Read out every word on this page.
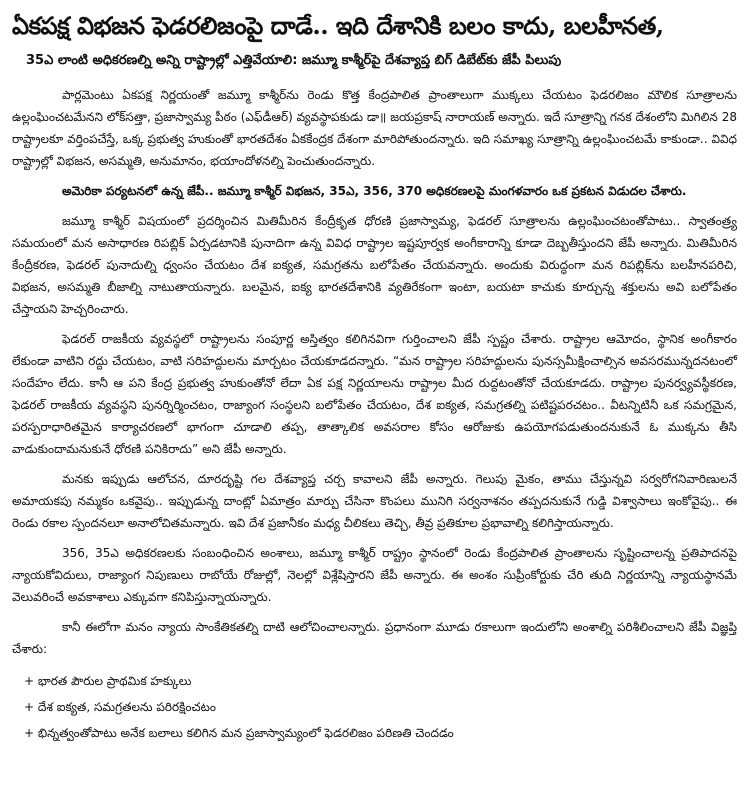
ఏకపక్ష విభజన ఫెడరలిజంపై దాడే.. ఇది దేశానికి బలం కాదు, బలహీనత,
35ఎ లాంటి అధికరణల్ని అన్ని రాష్ట్రాల్లో ఎత్తివేయాలి: జమ్మూ కాశ్మీర్‌పై దేశవ్యాప్త బిగ్ డిబేట్‌కు జేపీ పిలుపు

పార్లమెంటు ఏకపక్ష నిర్ణయంతో జమ్మూ కాశ్మీర్‌ను రెండు కొత్త కేంద్రపాలిత ప్రాంతాలుగా ముక్కలు చేయటం ఫెడరలిజం మౌలిక సూత్రాలను ఉల్లంఘించటమేనని లోక్‌సత్తా, ప్రజాస్వామ్య పీఠం (ఎఫ్‌డీఆర్) వ్యవస్థాపకుడు డా॥ జయప్రకాష్ నారాయణ్ అన్నారు. ఇదే సూత్రాన్ని గనక దేశంలోని మిగిలిన 28 రాష్ట్రాలకూ వర్తింపచేస్తే, ఒక్క ప్రభుత్వ హుకుంతో భారతదేశం ఏకకేంద్రక దేశంగా మారిపోతుందన్నారు. ఇది సమాఖ్య సూత్రాన్ని ఉల్లంఘించటమే కాకుండా.. వివిధ రాష్ట్రాల్లో విభజన, అసమ్మతి, అనుమానం, భయాందోళనల్ని పెంచుతుందన్నారు.

అమెరికా పర్యటనలో ఉన్న జేపీ.. జమ్మూ కాశ్మీర్ విభజన, 35ఎ, 356, 370 అధికరణలపై మంగళవారం ఒక ప్రకటన విడుదల చేశారు.

జమ్మూ కాశ్మీర్ విషయంలో ప్రదర్శించిన మితిమీరిన కేంద్రీకృత ధోరణి ప్రజాస్వామ్య, ఫెడరల్ సూత్రాలను ఉల్లంఘించటంతోపాటు.. స్వాతంత్ర్య సమయంలో మన అసాధారణ రిపబ్లిక్ ఏర్పడటానికి పునాదిగా ఉన్న వివిధ రాష్ట్రాల ఇష్టపూర్వక అంగీకారాన్ని కూడా దెబ్బతీస్తుందని జేపీ అన్నారు. మితిమీరిన కేంద్రీకరణ, ఫెడరల్ పునాదుల్ని ధ్వంసం చేయటం దేశ ఐక్యత, సమగ్రతను బలోపేతం చేయవన్నారు. అందుకు విరుద్ధంగా మన రిపబ్లిక్‌ను బలహీనపరిచి, విభజన, అసమ్మతి బీజాల్ని నాటుతాయన్నారు. బలమైన, ఐక్య భారతదేశానికి వ్యతిరేకంగా ఇంటా, బయటా కాచుకు కూర్చున్న శక్తులను అవి బలోపేతం చేస్తాయని హెచ్చరించారు.

ఫెడరల్ రాజకీయ వ్యవస్థలో రాష్ట్రాలను సంపూర్ణ అస్తిత్వం కలిగినవిగా గుర్తించాలని జేపీ స్పష్టం చేశారు. రాష్ట్రాల ఆమోదం, స్థానిక అంగీకారం లేకుండా వాటిని రద్దు చేయటం, వాటి సరిహద్దులను మార్చటం చేయకూడదన్నారు. “మన రాష్ట్రాల సరిహద్దులను పునస్సమీక్షించాల్సిన అవసరమున్నదనటంలో సందేహం లేదు. కానీ ఆ పని కేంద్ర ప్రభుత్వ హుకుంతోనో లేదా ఏక పక్ష నిర్ణయాలను రాష్ట్రాల మీద రుద్దటంతోనో చేయకూడదు. రాష్ట్రాల పునర్వ్యవస్థీకరణ, ఫెడరల్ రాజకీయ వ్యవస్థని పునర్నిర్మించటం, రాజ్యాంగ సంస్థలని బలోపేతం చేయటం, దేశ ఐక్యత, సమగ్రతల్ని పటిష్టపరచటం.. వీటన్నిటినీ ఒక సమగ్రమైన, పరస్పరాధారితమైన కార్యాచరణలో భాగంగా చూడాలి తప్ప, తాత్కాలిక అవసరాల కోసం ఆరోజుకు ఉపయోగపడుతుందనుకునే ఓ ముక్కను తీసి వాడుకుందామనుకునే ధోరణి పనికిరాదు” అని జేపీ అన్నారు.

మనకు ఇప్పుడు ఆలోచన, దూరదృష్టి గల దేశవ్యాప్త చర్చ కావాలని జేపీ అన్నారు. గెలుపు మైకం, తాము చేస్తున్నవి సర్వరోగనివారిణులనే అమాయకపు నమ్మకం ఒకవైపు.. ఇప్పుడున్న దాంట్లో ఏమాత్రం మార్పు చేసినా కొంపలు మునిగి సర్వనాశనం తప్పదనుకునే గుడ్డి విశ్వాసాలు ఇంకోవైపు.. ఈ రెండు రకాల స్పందనలూ అనాలోచితమన్నారు. ఇవి దేశ ప్రజానీకం మధ్య చీలికలు తెచ్చి, తీవ్ర ప్రతికూల ప్రభావాల్ని కలిగిస్తాయన్నారు.

356, 35ఎ అధికరణలకు సంబంధించిన అంశాలు, జమ్మూ కాశ్మీర్ రాష్ట్రం స్థానంలో రెండు కేంద్రపాలిత ప్రాంతాలను సృష్టించాలన్న ప్రతిపాదనపై న్యాయకోవిదులు, రాజ్యాంగ నిపుణులు రాబోయే రోజుల్లో, నెలల్లో విశ్లేషిస్తారని జేపీ అన్నారు. ఈ అంశం సుప్రీంకోర్టుకు చేరి తుది నిర్ణయాన్ని న్యాయస్థానమే వెలువరించే అవకాశాలు ఎక్కువగా కనిపిస్తున్నాయన్నారు.

కానీ ఈలోగా మనం న్యాయ సాంకేతికతల్ని దాటి ఆలోచించాలన్నారు. ప్రధానంగా మూడు రకాలుగా ఇందులోని అంశాల్ని పరిశీలించాలని జేపీ విజ్ఞప్తి చేశారు:

+ భారత పౌరుల ప్రాథమిక హక్కులు
+ దేశ ఐక్యత, సమగ్రతలను పరిరక్షించటం
+ భిన్నత్వంతోపాటు అనేక బలాలు కలిగిన మన ప్రజాస్వామ్యంలో ఫెడరలిజం పరిణతి చెందడం
